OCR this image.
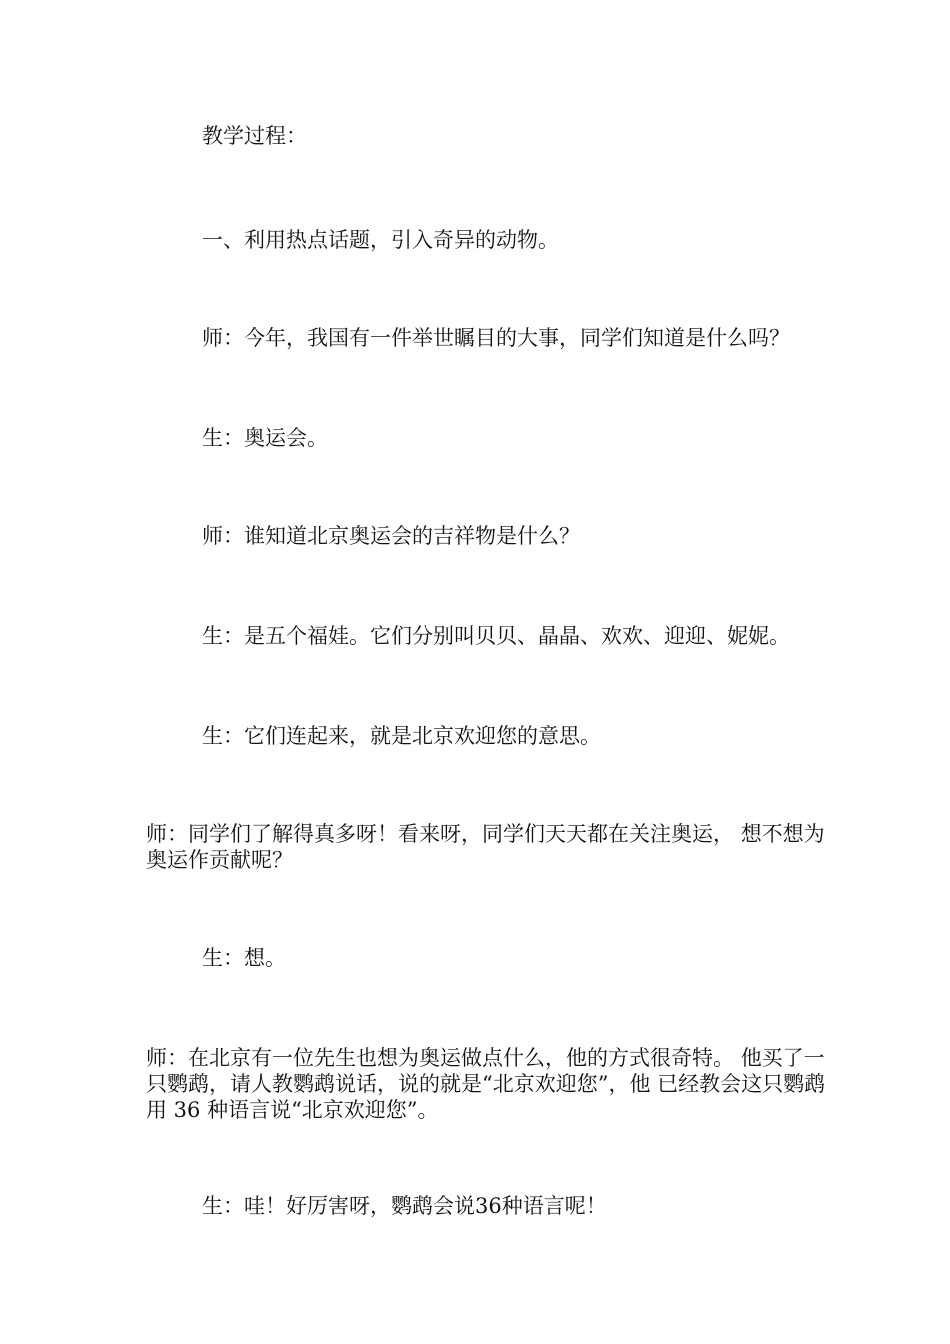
教学过程：

一、利用热点话题，引入奇异的动物。

师：今年，我国有一件举世瞩目的大事，同学们知道是什么吗？

生：奥运会。

师：谁知道北京奥运会的吉祥物是什么？

生：是五个福娃。它们分别叫贝贝、晶晶、欢欢、迎迎、妮妮。

生：它们连起来，就是北京欢迎您的意思。

师：同学们了解得真多呀！看来呀，同学们天天都在关注奥运， 想不想为奥运作贡献呢？

生：想。

师：在北京有一位先生也想为奥运做点什么，他的方式很奇特。 他买了一只鹦鹉，请人教鹦鹉说话，说的就是“北京欢迎您”，他 已经教会这只鹦鹉用 36 种语言说“北京欢迎您”。

生：哇！好厉害呀，鹦鹉会说36种语言呢！
